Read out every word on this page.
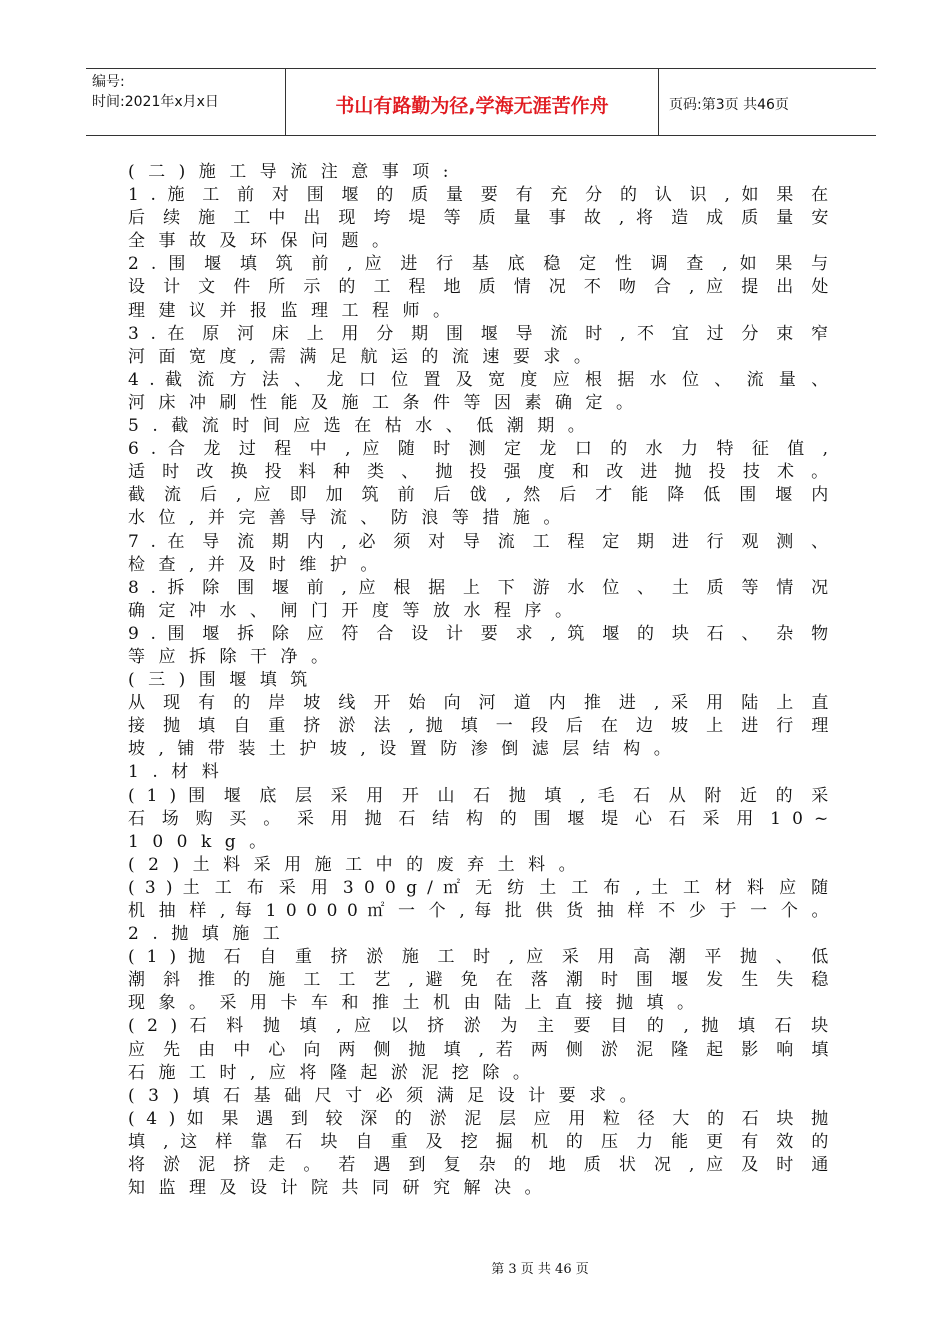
编号:
时间:2021年x月x日	书山有路勤为径,学海无涯苦作舟	页码:第3页 共46页
(二)施工导流注意事项:
1 . 施 工 前 对 围 堰 的 质 量 要 有 充 分 的 认 识 , 如 果 在
后 续 施 工 中 出 现 垮 堤 等 质 量 事 故 , 将 造 成 质 量 安
全事故及环保问题。
2 . 围 堰 填 筑 前 , 应 进 行 基 底 稳 定 性 调 查 , 如 果 与
设 计 文 件 所 示 的 工 程 地 质 情 况 不 吻 合 , 应 提 出 处
理建议并报监理工程师。
3 . 在 原 河 床 上 用 分 期 围 堰 导 流 时 , 不 宜 过 分 束 窄
河面宽度,需满足航运的流速要求。
4 . 截 流 方 法 、 龙 口 位 置 及 宽 度 应 根 据 水 位 、 流 量 、
河床冲刷性能及施工条件等因素确定。
5.截流时间应选在枯水、低潮期。
6 . 合 龙 过 程 中 , 应 随 时 测 定 龙 口 的 水 力 特 征 值 ,
适 时 改 换 投 料 种 类 、 抛 投 强 度 和 改 进 抛 投 技 术 。
截 流 后 , 应 即 加 筑 前 后 戗 , 然 后 才 能 降 低 围 堰 内
水位,并完善导流、防浪等措施。
7 . 在 导 流 期 内 , 必 须 对 导 流 工 程 定 期 进 行 观 测 、
检查,并及时维护。
8 . 拆 除 围 堰 前 , 应 根 据 上 下 游 水 位 、 土 质 等 情 况
确定冲水、闸门开度等放水程序。
9 . 围 堰 拆 除 应 符 合 设 计 要 求 , 筑 堰 的 块 石 、 杂 物
等应拆除干净。
(三)围堰填筑
从 现 有 的 岸 坡 线 开 始 向 河 道 内 推 进 , 采 用 陆 上 直
接 抛 填 自 重 挤 淤 法 , 抛 填 一 段 后 在 边 坡 上 进 行 理
坡,铺带装土护坡,设置防渗倒滤层结构。
1.材料
( 1 ) 围 堰 底 层 采 用 开 山 石 抛 填 , 毛 石 从 附 近 的 采
石 场 购 买 。 采 用 抛 石 结 构 的 围 堰 堤 心 石 采 用 1 0 ~
100kg。
(2)土料采用施工中的废弃土料。
( 3 ) 土 工 布 采 用 3 0 0 g / ㎡ 无 纺 土 工 布 , 土 工 材 料 应 随
机 抽 样 , 每 1 0 0 0 0 ㎡ 一 个 , 每 批 供 货 抽 样 不 少 于 一 个 。
2.抛填施工
( 1 ) 抛 石 自 重 挤 淤 施 工 时 , 应 采 用 高 潮 平 抛 、 低
潮 斜 推 的 施 工 工 艺 , 避 免 在 落 潮 时 围 堰 发 生 失 稳
现象。采用卡车和推土机由陆上直接抛填。
( 2 ) 石 料 抛 填 , 应 以 挤 淤 为 主 要 目 的 , 抛 填 石 块
应 先 由 中 心 向 两 侧 抛 填 , 若 两 侧 淤 泥 隆 起 影 响 填
石施工时,应将隆起淤泥挖除。
(3)填石基础尺寸必须满足设计要求。
( 4 ) 如 果 遇 到 较 深 的 淤 泥 层 应 用 粒 径 大 的 石 块 抛
填 , 这 样 靠 石 块 自 重 及 挖 掘 机 的 压 力 能 更 有 效 的
将 淤 泥 挤 走 。 若 遇 到 复 杂 的 地 质 状 况 , 应 及 时 通
知监理及设计院共同研究解决。
第 3 页 共 46 页
